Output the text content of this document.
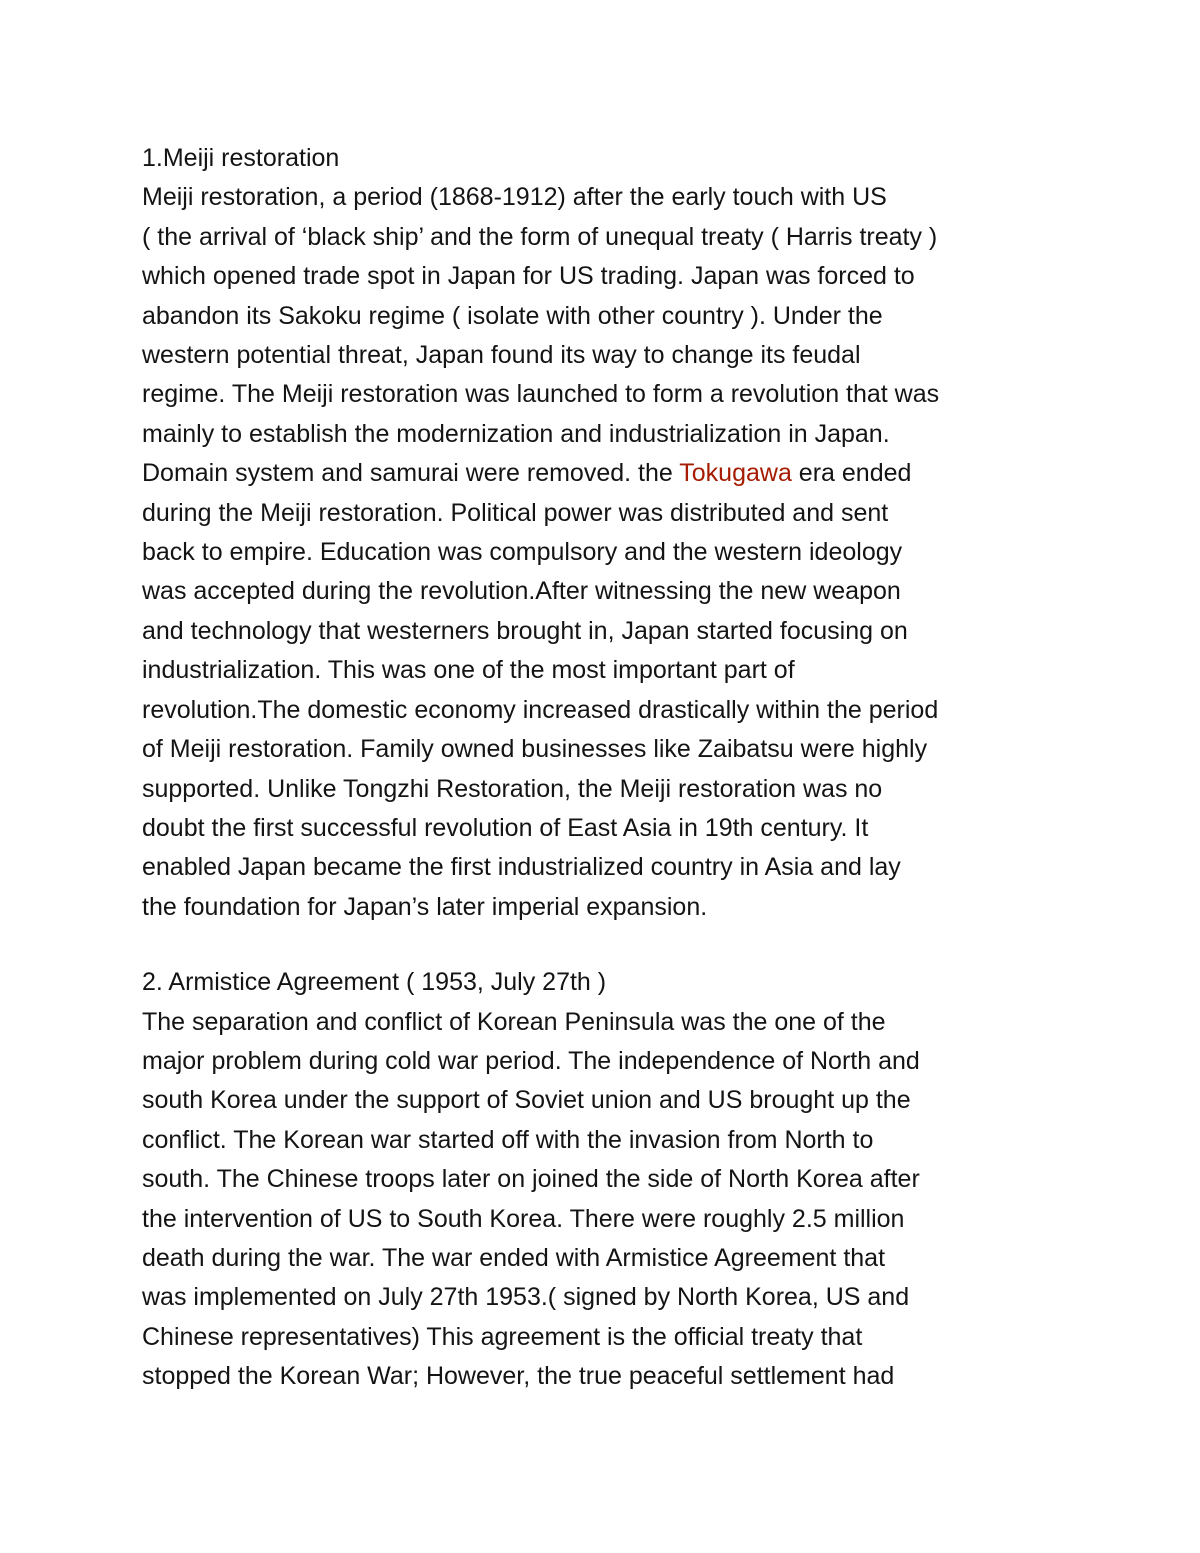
1.Meiji restoration

Meiji restoration, a period (1868-1912) after the early touch with US
( the arrival of ‘black ship’ and the form of unequal treaty ( Harris treaty )
which opened trade spot in Japan for US trading. Japan was forced to
abandon its Sakoku regime ( isolate with other country ). Under the
western potential threat, Japan found its way to change its feudal
regime. The Meiji restoration was launched to form a revolution that was
mainly to establish the modernization and industrialization in Japan.
Domain system and samurai were removed. the Tokugawa era ended
during the Meiji restoration. Political power was distributed and sent
back to empire. Education was compulsory and the western ideology
was accepted during the revolution.After witnessing the new weapon
and technology that westerners brought in, Japan started focusing on
industrialization. This was one of the most important part of
revolution.The domestic economy increased drastically within the period
of Meiji restoration. Family owned businesses like Zaibatsu were highly
supported. Unlike Tongzhi Restoration, the Meiji restoration was no
doubt the first successful revolution of East Asia in 19th century. It
enabled Japan became the first industrialized country in Asia and lay
the foundation for Japan’s later imperial expansion.

2. Armistice Agreement ( 1953, July 27th )

The separation and conflict of Korean Peninsula was the one of the
major problem during cold war period. The independence of North and
south Korea under the support of Soviet union and US brought up the
conflict. The Korean war started off with the invasion from North to
south. The Chinese troops later on joined the side of North Korea after
the intervention of US to South Korea. There were roughly 2.5 million
death during the war. The war ended with Armistice Agreement that
was implemented on July 27th 1953.( signed by North Korea, US and
Chinese representatives) This agreement is the official treaty that
stopped the Korean War; However, the true peaceful settlement had
